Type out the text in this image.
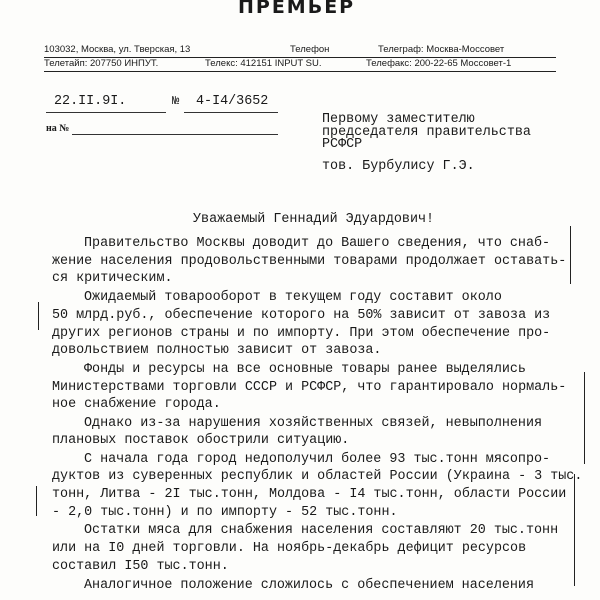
ПРЕМЬЕР
103032, Москва, ул. Тверская, 13	Телефон	Телеграф: Москва-Моссовет
Телетайп: 207750 ИНПУТ.	Телекс: 412151 INPUT SU.	Телефакс: 200-22-65 Моссовет-1
22.II.9I.	№ 4-I4/3652
на №
Первому заместителю
председателя правительства
РСФСР
тов. Бурбулису Г.Э.
Уважаемый Геннадий Эдуардович!
Правительство Москвы доводит до Вашего сведения, что снаб-
жение населения продовольственными товарами продолжает оставать-
ся критическим.
Ожидаемый товарооборот в текущем году составит около
50 млрд.руб., обеспечение которого на 50% зависит от завоза из
других регионов страны и по импорту. При этом обеспечение про-
довольствием полностью зависит от завоза.
Фонды и ресурсы на все основные товары ранее выделялись
Министерствами торговли СССР и РСФСР, что гарантировало нормаль-
ное снабжение города.
Однако из-за нарушения хозяйственных связей, невыполнения
плановых поставок обострили ситуацию.
С начала года город недополучил более 93 тыс.тонн мясопро-
дуктов из суверенных республик и областей России (Украина - 3 тыс.
тонн, Литва - 2I тыс.тонн, Молдова - I4 тыс.тонн, области России
- 2,0 тыс.тонн) и по импорту - 52 тыс.тонн.
Остатки мяса для снабжения населения составляют 20 тыс.тонн
или на I0 дней торговли. На ноябрь-декабрь дефицит ресурсов
составил I50 тыс.тонн.
Аналогичное положение сложилось с обеспечением населения
